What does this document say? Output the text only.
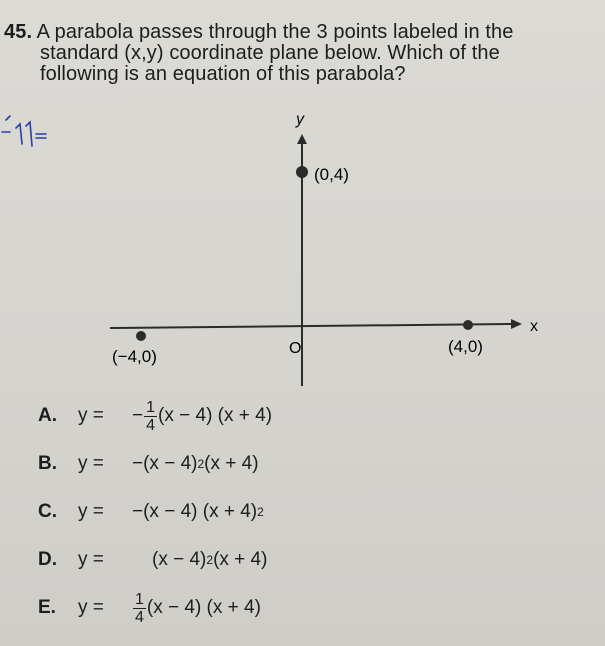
45. A parabola passes through the 3 points labeled in the
standard (x,y) coordinate plane below. Which of the
following is an equation of this parabola?
y
x
O
(0,4)
(−4,0)
(4,0)
A.	y =	− $\frac{1}{4} (x - 4) (x + 4)$
B.	y =	−(x − 4) 2 (x + 4)
C.	y =	−(x − 4) (x + 4) 2
D.	y =	(x − 4) 2 (x + 4)
E.	y =	$\frac{1}{4} (x - 4) (x + 4)$
